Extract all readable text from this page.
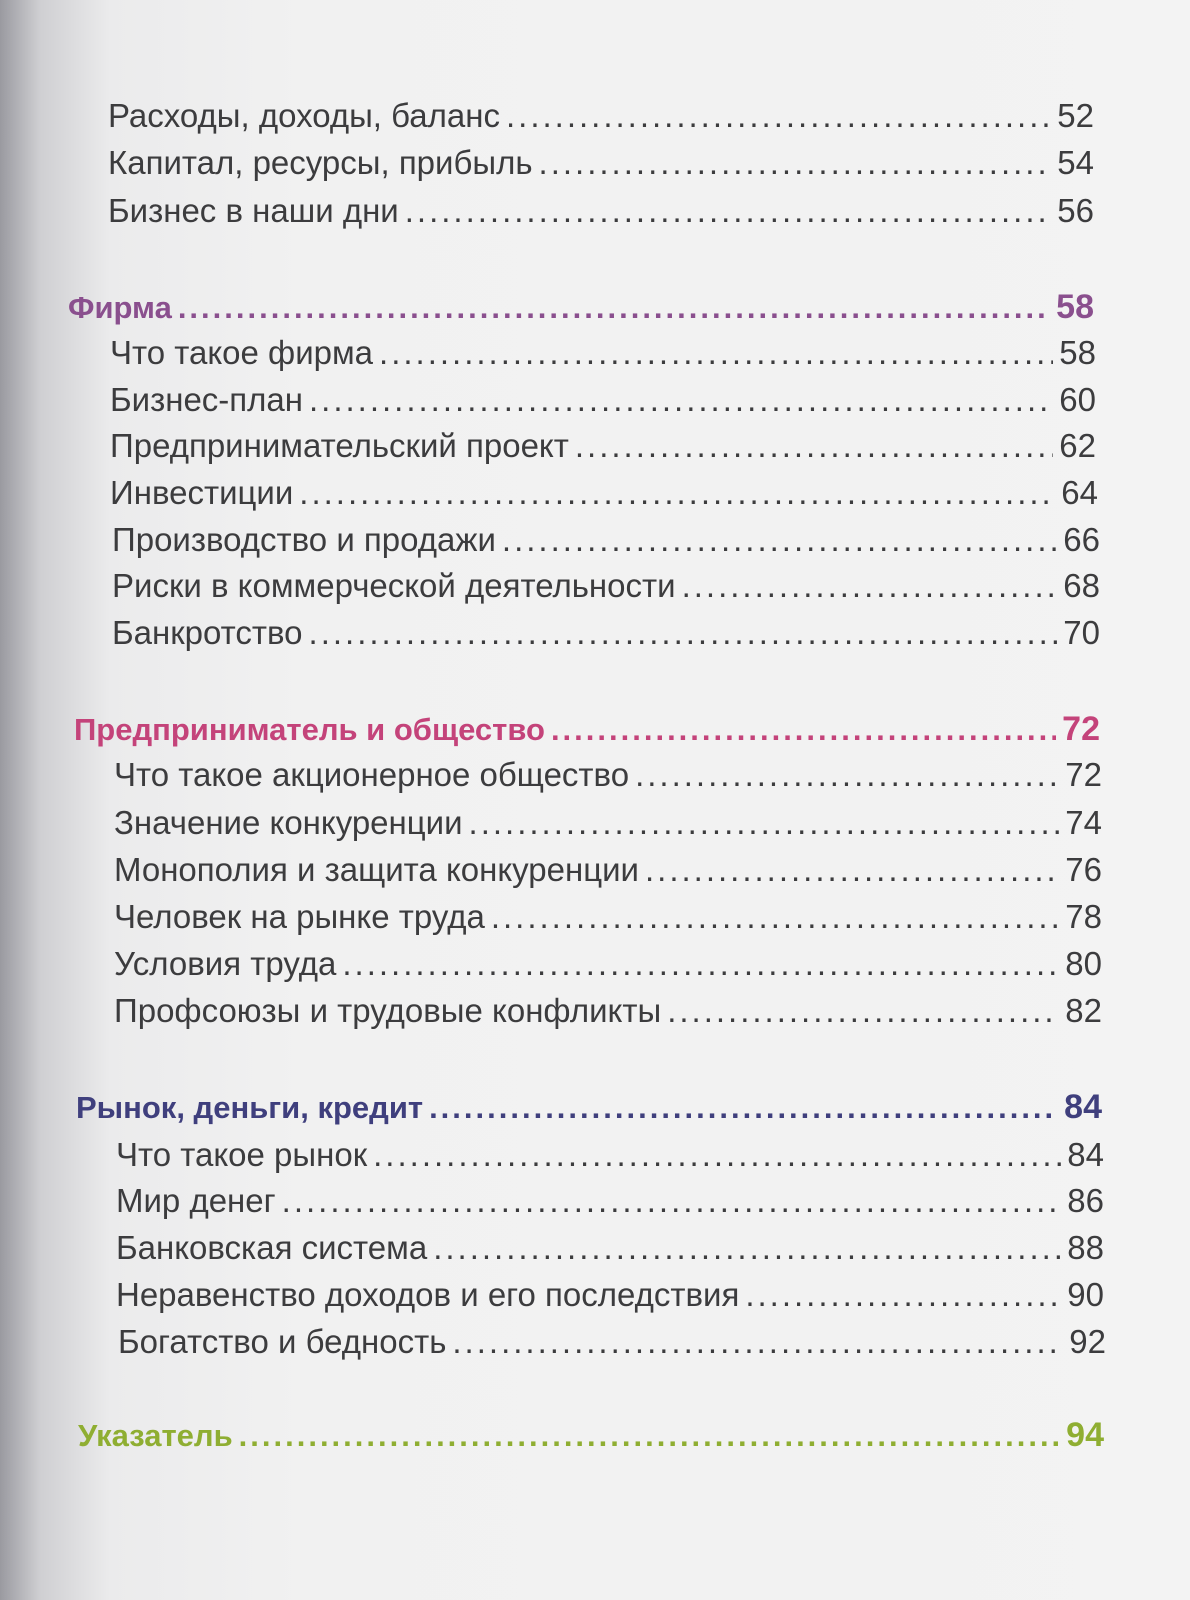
Расходы, доходы, баланс .....	52
Капитал, ресурсы, прибыль .....	54
Бизнес в наши дни .....	56
Фирма .....	58
Что такое фирма .....	58
Бизнес-план .....	60
Предпринимательский проект .....	62
Инвестиции .....	64
Производство и продажи .....	66
Риски в коммерческой деятельности .....	68
Банкротство .....	70
Предприниматель и общество .....	72
Что такое акционерное общество .....	72
Значение конкуренции .....	74
Монополия и защита конкуренции .....	76
Человек на рынке труда .....	78
Условия труда .....	80
Профсоюзы и трудовые конфликты .....	82
Рынок, деньги, кредит .....	84
Что такое рынок .....	84
Мир денег .....	86
Банковская система .....	88
Неравенство доходов и его последствия .....	90
Богатство и бедность .....	92
Указатель .....	94
